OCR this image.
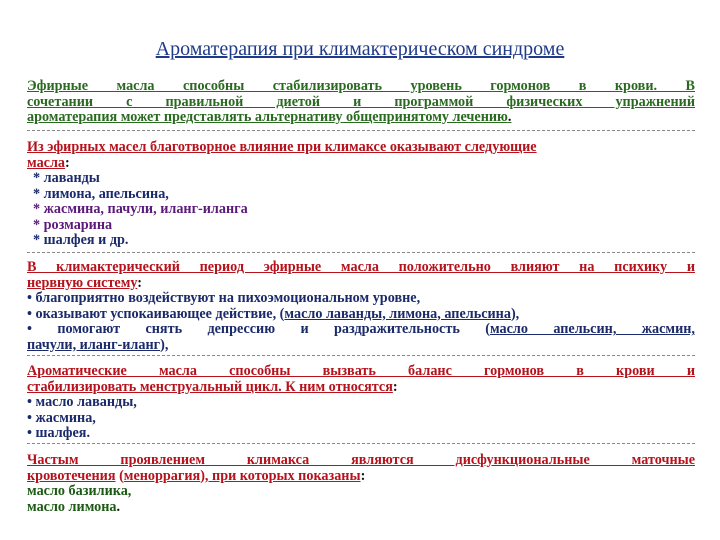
Ароматерапия при климактерическом синдроме
Эфирные масла способны стабилизировать уровень гормонов в крови. В
сочетании с правильной диетой и программой физических упражнений
ароматерапия может представлять альтернативу общепринятому лечению.
Из эфирных масел благотворное влияние при климаксе оказывают следующие
масла:
* лаванды
* лимона, апельсина,
* жасмина, пачули, иланг-иланга
* розмарина
* шалфея и др.
В климактерический период эфирные масла положительно влияют на психику и
нервную систему:
• благоприятно воздействуют на пихоэмоциональном уровне,
• оказывают успокаивающее действие, (масло лаванды, лимона, апельсина),
• помогают снять депрессию и раздражительность (масло апельсин, жасмин,
пачули, иланг-иланг),
Ароматические масла способны вызвать баланс гормонов в крови и
стабилизировать менструальный цикл. К ним относятся:
• масло лаванды,
• жасмина,
• шалфея.
Частым проявлением климакса являются дисфункциональные маточные
кровотечения (меноррагия), при которых показаны:
масло базилика,
масло лимона.
